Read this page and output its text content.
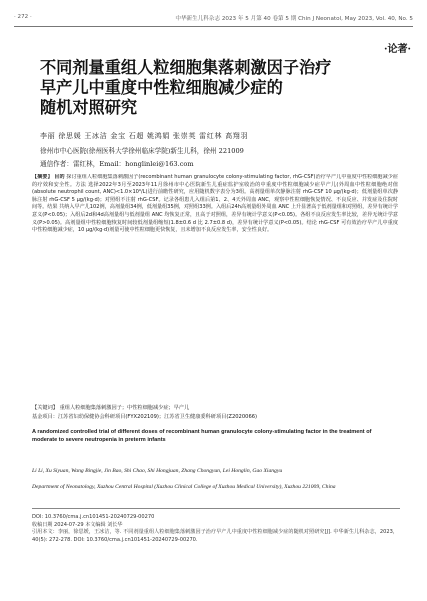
· 272 ·	中华新生儿科杂志 2023 年 5 月第 40 卷第 5 期 Chin J Neonatol, May 2023, Vol. 40, No. 5
·论著·
不同剂量重组人粒细胞集落刺激因子治疗
早产儿中重度中性粒细胞减少症的
随机对照研究
李丽 徐思媛 王冰洁 金宝 石超 姚鸿娟 张崇英 雷红林 高翔羽
徐州市中心医院(徐州医科大学徐州临床学院)新生儿科，徐州 221009
通信作者：雷红林，Email：honglinlei@163.com
【摘要】 目的 探讨重组人粒细胞集落刺激因子(recombinant human granulocyte colony-stimulating factor, rhG-CSF)治疗早产儿中重度中性粒细胞减少症的疗效和安全性。方法 选择2022年3月至2023年11月徐州市中心医院新生儿重症监护室收治的中重度中性粒细胞减少症早产儿(外周血中性粒细胞绝对值(absolute neutrophil count, ANC)<1.0×10⁹/L)进行前瞻性研究，应用随机数字表分为3组。高剂量组单次静脉注射 rhG-CSF 10 μg/(kg·d)；低剂量组单次静脉注射 rhG-CSF 5 μg/(kg·d)；对照组不注射 rhG-CSF。记录各组患儿入组后第1、2、4天外周血 ANC，观察中性粒细胞恢复情况、不良反应、并发症及住院时间等。结果 共纳入早产儿102例，高剂量组34例，低剂量组35例，对照组33例。入组后24h高剂量组外周血 ANC 上升显著高于低剂量组和对照组，差异有统计学意义(P<0.05)；入组后2d和4d高剂量组与低剂量组 ANC 均恢复正常，且高于对照组，差异有统计学意义(P<0.05)。各组不良反应发生率比较，差异无统计学意义(P>0.05)。高剂量组中性粒细胞恢复时间较低剂量组缩短(1.8±0.6 d 比 2.7±0.8 d)，差异有统计学意义(P<0.05)。结论 rhG-CSF 可有效治疗早产儿中重度中性粒细胞减少症，10 μg/(kg·d)剂量可使中性粒细胞更快恢复，且未增加不良反应发生率，安全性良好。
【关键词】 重组人粒细胞集落刺激因子；中性粒细胞减少症；早产儿
基金项目：江苏省妇幼保健协会科研项目(FYX202109)；江苏省卫生健康委科研项目(Z2020066)
A randomized controlled trial of different doses of recombinant human granulocyte colony-stimulating factor in the treatment of moderate to severe neutropenia in preterm infants
Li Li, Xu Siyuan, Wang Bingjie, Jin Bao, Shi Chao, Shi Hongjuan, Zhang Chongyun, Lei Honglin, Gao Xiangyu
Department of Neonatology, Xuzhou Central Hospital (Xuzhou Clinical College of Xuzhou Medical University), Xuzhou 221009, China
DOI: 10.3760/cma.j.cn101451-20240729-00270
收稿日期 2024-07-29 本文编辑 刘长华
引用本文：李丽，徐思媛，王冰洁，等. 不同剂量重组人粒细胞集落刺激因子治疗早产儿中重度中性粒细胞减少症的随机对照研究[J]. 中华新生儿科杂志，2023，40(5): 272-278. DOI: 10.3760/cma.j.cn101451-20240729-00270.
